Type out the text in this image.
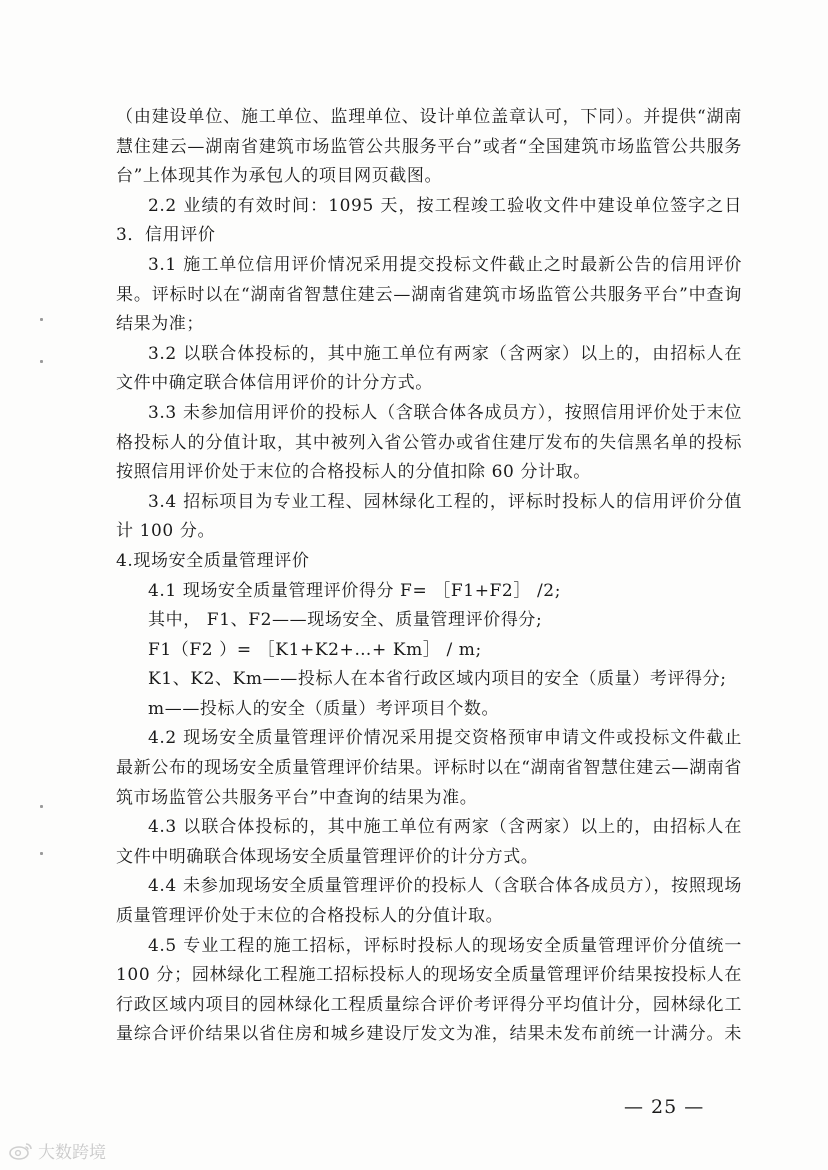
（由建设单位、施工单位、监理单位、设计单位盖章认可，下同）。并提供“湖南
慧住建云—湖南省建筑市场监管公共服务平台”或者“全国建筑市场监管公共服务
台”上体现其作为承包人的项目网页截图。
2.2 业绩的有效时间：1095 天，按工程竣工验收文件中建设单位签字之日
3．信用评价
3.1 施工单位信用评价情况采用提交投标文件截止之时最新公告的信用评价
果。评标时以在“湖南省智慧住建云—湖南省建筑市场监管公共服务平台”中查询
结果为准；
3.2 以联合体投标的，其中施工单位有两家（含两家）以上的，由招标人在
文件中确定联合体信用评价的计分方式。
3.3 未参加信用评价的投标人（含联合体各成员方），按照信用评价处于末位
格投标人的分值计取，其中被列入省公管办或省住建厅发布的失信黑名单的投标
按照信用评价处于末位的合格投标人的分值扣除 60 分计取。
3.4 招标项目为专业工程、园林绿化工程的，评标时投标人的信用评价分值
计 100 分。
4.现场安全质量管理评价
4.1 现场安全质量管理评价得分 F= ［F1+F2］ /2;
其中， F1、F2——现场安全、质量管理评价得分;
F1（F2 ）= ［K1+K2+…+ Km］ / m;
K1、K2、Km——投标人在本省行政区域内项目的安全（质量）考评得分;
m——投标人的安全（质量）考评项目个数。
4.2 现场安全质量管理评价情况采用提交资格预审申请文件或投标文件截止
最新公布的现场安全质量管理评价结果。评标时以在“湖南省智慧住建云—湖南省
筑市场监管公共服务平台”中查询的结果为准。
4.3 以联合体投标的，其中施工单位有两家（含两家）以上的，由招标人在
文件中明确联合体现场安全质量管理评价的计分方式。
4.4 未参加现场安全质量管理评价的投标人（含联合体各成员方），按照现场
质量管理评价处于末位的合格投标人的分值计取。
4.5 专业工程的施工招标，评标时投标人的现场安全质量管理评价分值统一
100 分；园林绿化工程施工招标投标人的现场安全质量管理评价结果按投标人在
行政区域内项目的园林绿化工程质量综合评价考评得分平均值计分，园林绿化工
量综合评价结果以省住房和城乡建设厅发文为准，结果未发布前统一计满分。未
— 25 —
大数跨境
